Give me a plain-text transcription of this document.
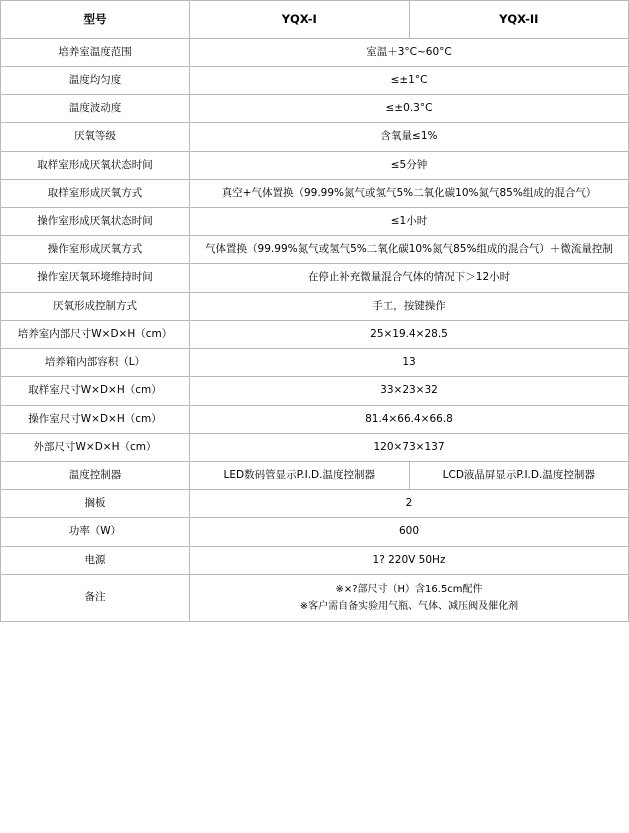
型号	YQX-I	YQX-II
培养室温度范围	室温＋3°C~60°C	
温度均匀度	≤±1°C	
温度波动度	≤±0.3°C	
厌氧等级	含氧量≤1%	
取样室形成厌氧状态时间	≤5分钟	
取样室形成厌氧方式	真空+气体置换（99.99%氮气或氢气5%二氧化碳10%氮气85%组成的混合气）	
操作室形成厌氧状态时间	≤1小时	
操作室形成厌氧方式	气体置换（99.99%氮气或氢气5%二氧化碳10%氮气85%组成的混合气）＋微流量控制	
操作室厌氧环境维持时间	在停止补充微量混合气体的情况下＞12小时	
厌氧形成控制方式	手工，按键操作	
培养室内部尺寸W×D×H（cm）	25×19.4×28.5	
培养箱内部容积（L）	13	
取样室尺寸W×D×H（cm）	33×23×32	
操作室尺寸W×D×H（cm）	81.4×66.4×66.8	
外部尺寸W×D×H（cm）	120×73×137	
温度控制器	LED数码管显示P.I.D.温度控制器	LCD液晶屏显示P.I.D.温度控制器
搁板	2	
功率（W）	600	
电源	1? 220V 50Hz	
备注	※×?部尺寸（H）含16.5cm配件
※客户需自备实验用气瓶、气体、减压阀及催化剂	
